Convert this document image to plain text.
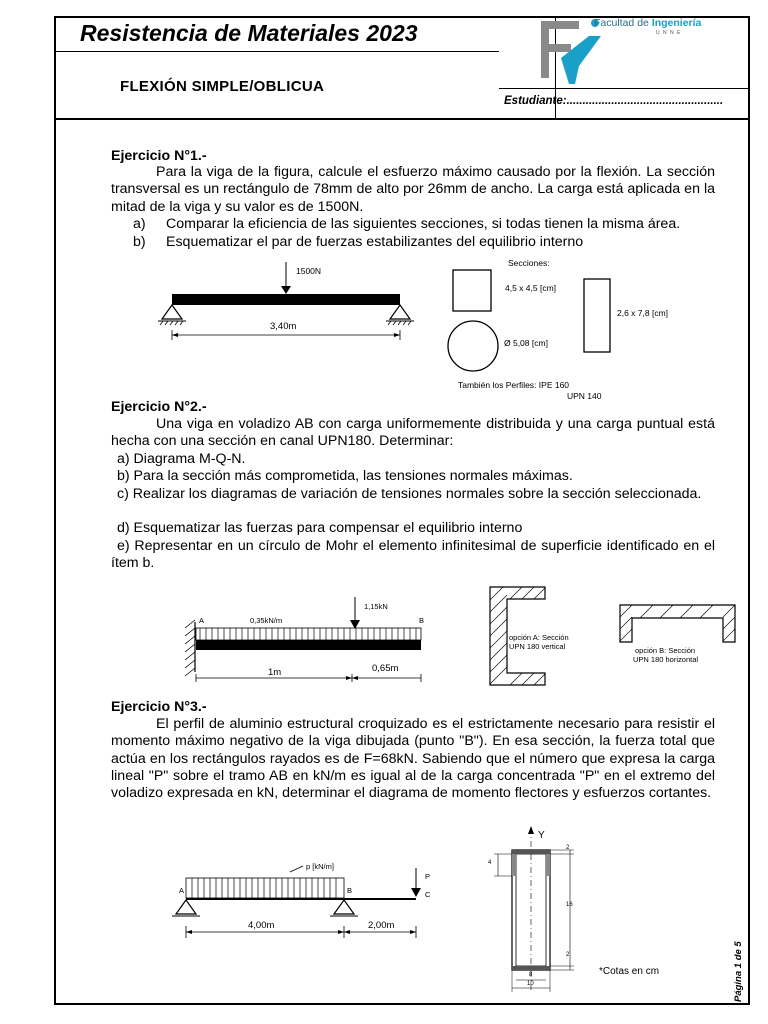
Resistencia de Materiales 2023
FLEXIÓN SIMPLE/OBLICUA
Estudiante:.................................................
Facultad de Ingeniería
U N N E
Ejercicio N°1.-
Para la viga de la figura, calcule el esfuerzo máximo causado por la flexión. La sección transversal es un rectángulo de 78mm de alto por 26mm de ancho. La carga está aplicada en la mitad de la viga y su valor es de 1500N.
a) Comparar la eficiencia de las siguientes secciones, si todas tienen la misma área.
b) Esquematizar el par de fuerzas estabilizantes del equilibrio interno
1500N
3,40m
Secciones:
4,5 x 4,5 [cm]
2,6 x 7,8 [cm]
Ø 5,08 [cm]
También los Perfiles: IPE 160
UPN 140
Ejercicio N°2.-
Una viga en voladizo AB con carga uniformemente distribuida y una carga puntual está hecha con una sección en canal UPN180. Determinar:
a) Diagrama M-Q-N.
b) Para la sección más comprometida, las tensiones normales máximas.
c) Realizar los diagramas de variación de tensiones normales sobre la sección seleccionada.
d) Esquematizar las fuerzas para compensar el equilibrio interno
e) Representar en un círculo de Mohr el elemento infinitesimal de superficie identificado en el ítem b.
A	B
0,35kN/m
1,15kN
1m	0,65m
opción A: Sección
UPN 180 vertical	opción B: Sección
UPN 180 horizontal
Ejercicio N°3.-
El perfil de aluminio estructural croquizado es el estrictamente necesario para resistir el momento máximo negativo de la viga dibujada (punto "B"). En esa sección, la fuerza total que actúa en los rectángulos rayados es de F=68kN. Sabiendo que el número que expresa la carga lineal "P" sobre el tramo AB en kN/m es igual al de la carga concentrada "P" en el extremo del voladizo expresada en kN, determinar el diagrama de momento flectores y esfuerzos cortantes.
p [kN/m]
A	B
P
C
4,00m	2,00m
Y
4
2
16
2
8
10
*Cotas en cm	Página 1 de 5
